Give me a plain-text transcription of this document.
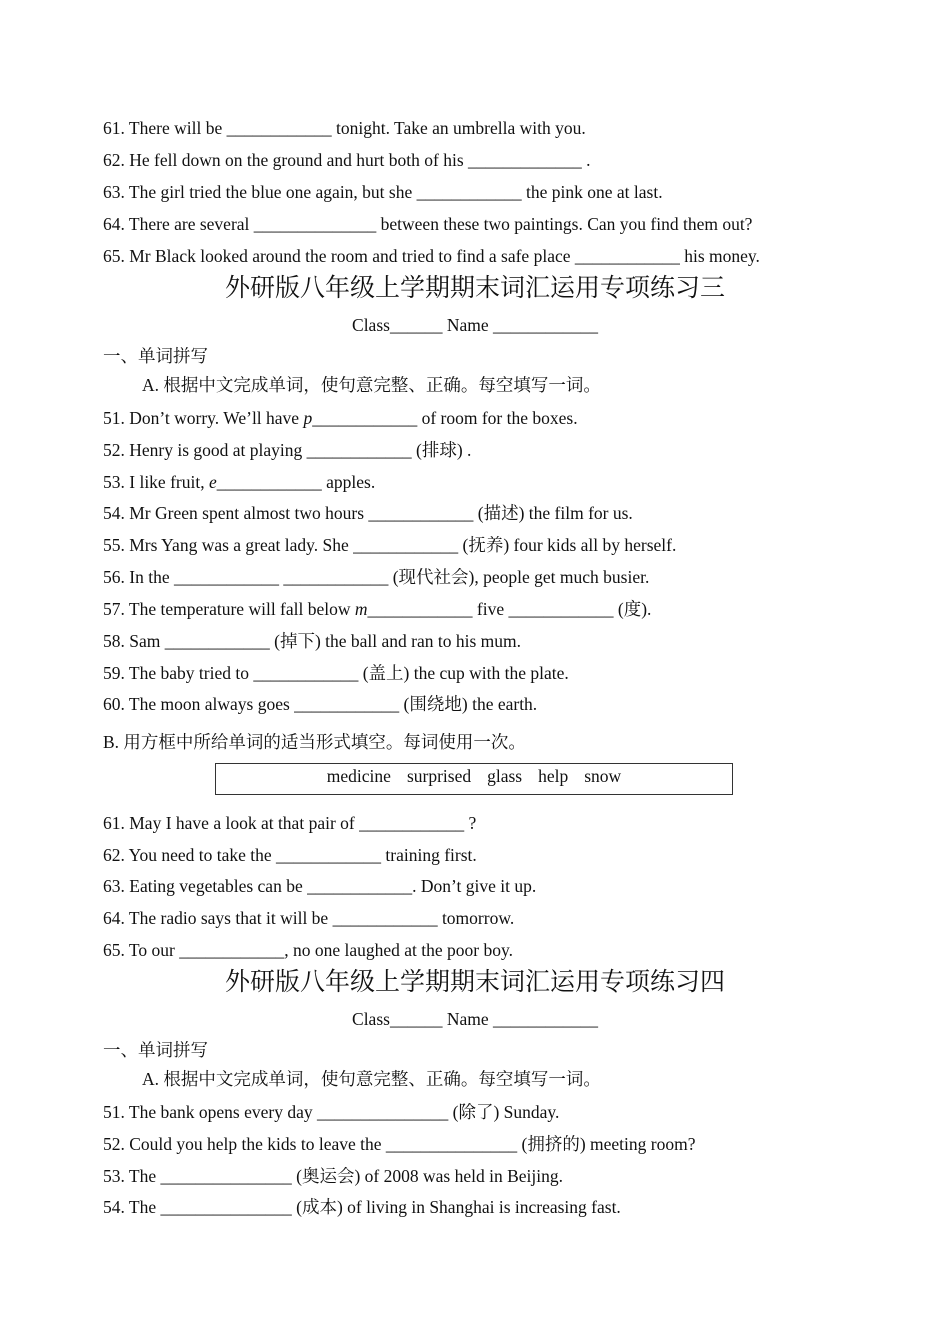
61. There will be ____________ tonight. Take an umbrella with you.
62. He fell down on the ground and hurt both of his _____________ .
63. The girl tried the blue one again, but she ____________ the pink one at last.
64. There are several ______________ between these two paintings. Can you find them out?
65. Mr Black looked around the room and tried to find a safe place ____________ his money.
外研版八年级上学期期末词汇运用专项练习三
Class______ Name ____________
一、单词拼写
A. 根据中文完成单词，使句意完整、正确。每空填写一词。
51. Don’t worry. We’ll have p____________ of room for the boxes.
52. Henry is good at playing ____________ (排球) .
53. I like fruit, e____________ apples.
54. Mr Green spent almost two hours ____________ (描述) the film for us.
55. Mrs Yang was a great lady. She ____________ (抚养) four kids all by herself.
56. In the ____________ ____________ (现代社会), people get much busier.
57. The temperature will fall below m____________ five ____________ (度).
58. Sam ____________ (掉下) the ball and ran to his mum.
59. The baby tried to ____________ (盖上) the cup with the plate.
60. The moon always goes ____________ (围绕地) the earth.
B. 用方框中所给单词的适当形式填空。每词使用一次。
medicine surprised glass help snow
61. May I have a look at that pair of ____________ ?
62. You need to take the ____________ training first.
63. Eating vegetables can be ____________. Don’t give it up.
64. The radio says that it will be ____________ tomorrow.
65. To our ____________, no one laughed at the poor boy.
外研版八年级上学期期末词汇运用专项练习四
Class______ Name ____________
一、单词拼写
A. 根据中文完成单词，使句意完整、正确。每空填写一词。
51. The bank opens every day _______________ (除了) Sunday.
52. Could you help the kids to leave the _______________ (拥挤的) meeting room?
53. The _______________ (奥运会) of 2008 was held in Beijing.
54. The _______________ (成本) of living in Shanghai is increasing fast.
